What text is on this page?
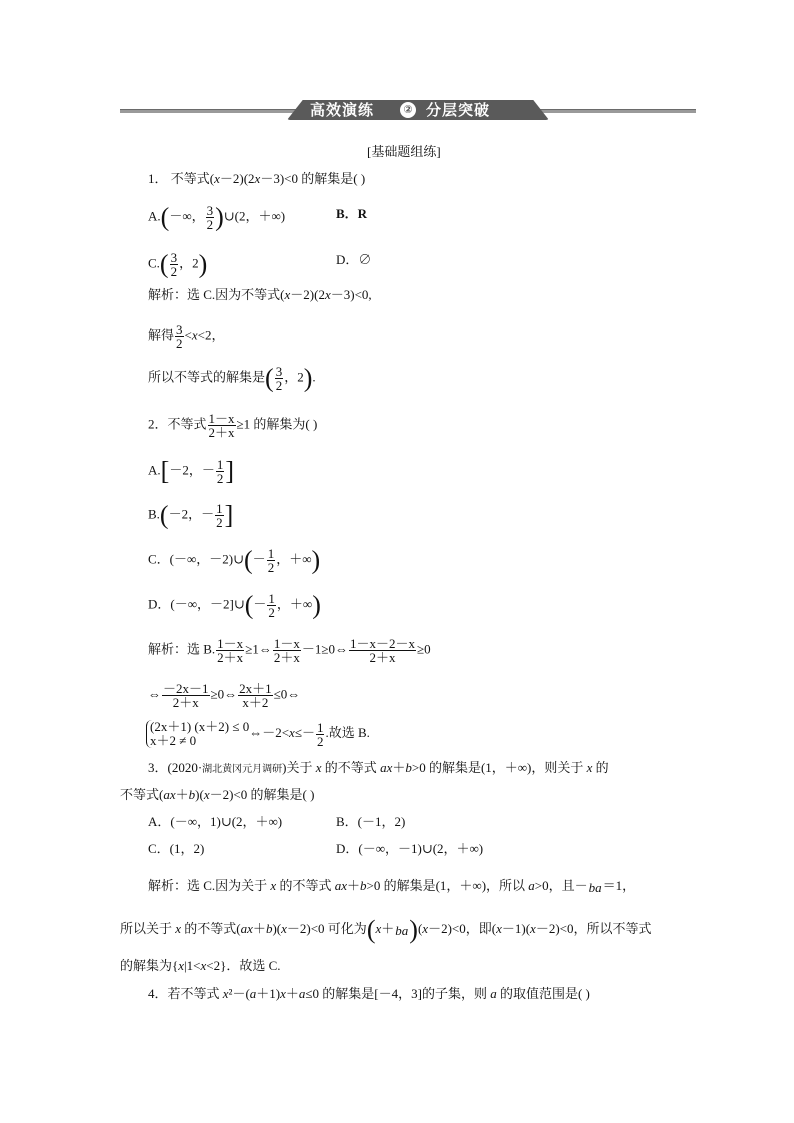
高效演练	② 分层突破
[基础题组练]
1． 不等式(x－2)(2x－3)<0 的解集是( )
A.(－∞， $\frac{3}{2}$ )∪(2，＋∞)	B．R
$C.( \frac{3}{2}$ ，2)	D．∅
解析：选 C.因为不等式(x－2)(2x－3)<0,
解得 $\frac{3}{2} <x<2$，
所以不等式的解集是( $\frac{3}{2}$ ，2).
2．不等式 $\frac{1-x}{2+x} \ge 1$ 的解集为( )
A.[－2，－ $\frac{1}{2}$ ]
B.(－2，－ $\frac{1}{2}$ ]
C．(－∞，－2)∪(－ $\frac{1}{2}$ ，＋∞)
D．(－∞，－2]∪(－ $\frac{1}{2}$ ，＋∞)
解析：选 B. $\frac{1-x}{2+x}$ ≥1⇔ $\frac{1-x}{2+x}$ －1≥0⇔ $\frac{1-x-2-x}{2+x} \ge 0$
⇔ $\frac{-2x-1}{2+x}$ ≥0⇔ $\frac{2x+1}{x+2}$ ≤0⇔
(2x＋1) (x＋2) ≤ 0
x＋2 ≠ 0⇔－2<x≤－ $\frac{1}{2}$ .故选 B.
3．(2020·湖北黄冈元月调研)关于 x 的不等式 ax＋b>0 的解集是(1，＋∞)，则关于 x 的
不等式(ax＋b)(x－2)<0 的解集是( )
A．(－∞，1)∪(2，＋∞)	B．(－1，2)
C．(1，2)	D．(－∞，－1)∪(2，＋∞)
解析：选 C.因为关于 x 的不等式 ax＋b>0 的解集是(1，＋∞)，所以 a>0，且－ba＝1，
所以关于 x 的不等式(ax＋b)(x－2)<0 可化为(x＋ba)(x－2)<0，即(x－1)(x－2)<0，所以不等式
的解集为{x|1<x<2}．故选 C.
4．若不等式 x²－(a＋1)x＋a≤0 的解集是[－4，3]的子集，则 a 的取值范围是( )
